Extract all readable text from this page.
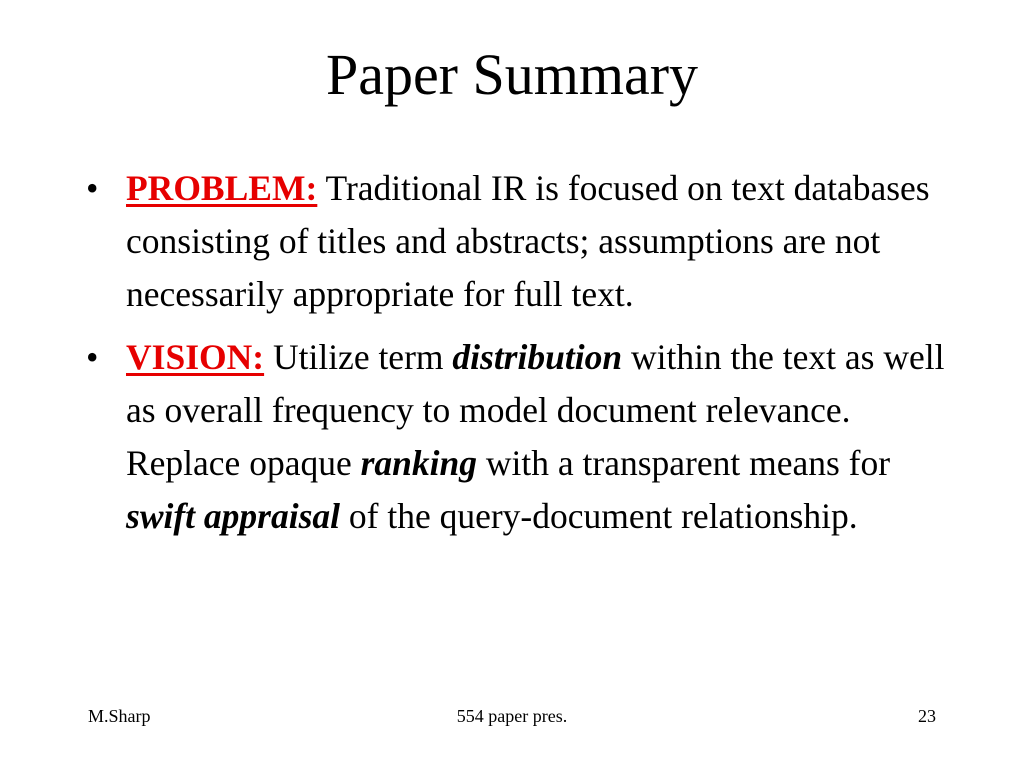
Paper Summary
• PROBLEM: Traditional IR is focused on text databases consisting of titles and abstracts; assumptions are not necessarily appropriate for full text.
• VISION: Utilize term distribution within the text as well as overall frequency to model document relevance. Replace opaque ranking with a transparent means for swift appraisal of the query-document relationship.
M.Sharp	554 paper pres.	23
